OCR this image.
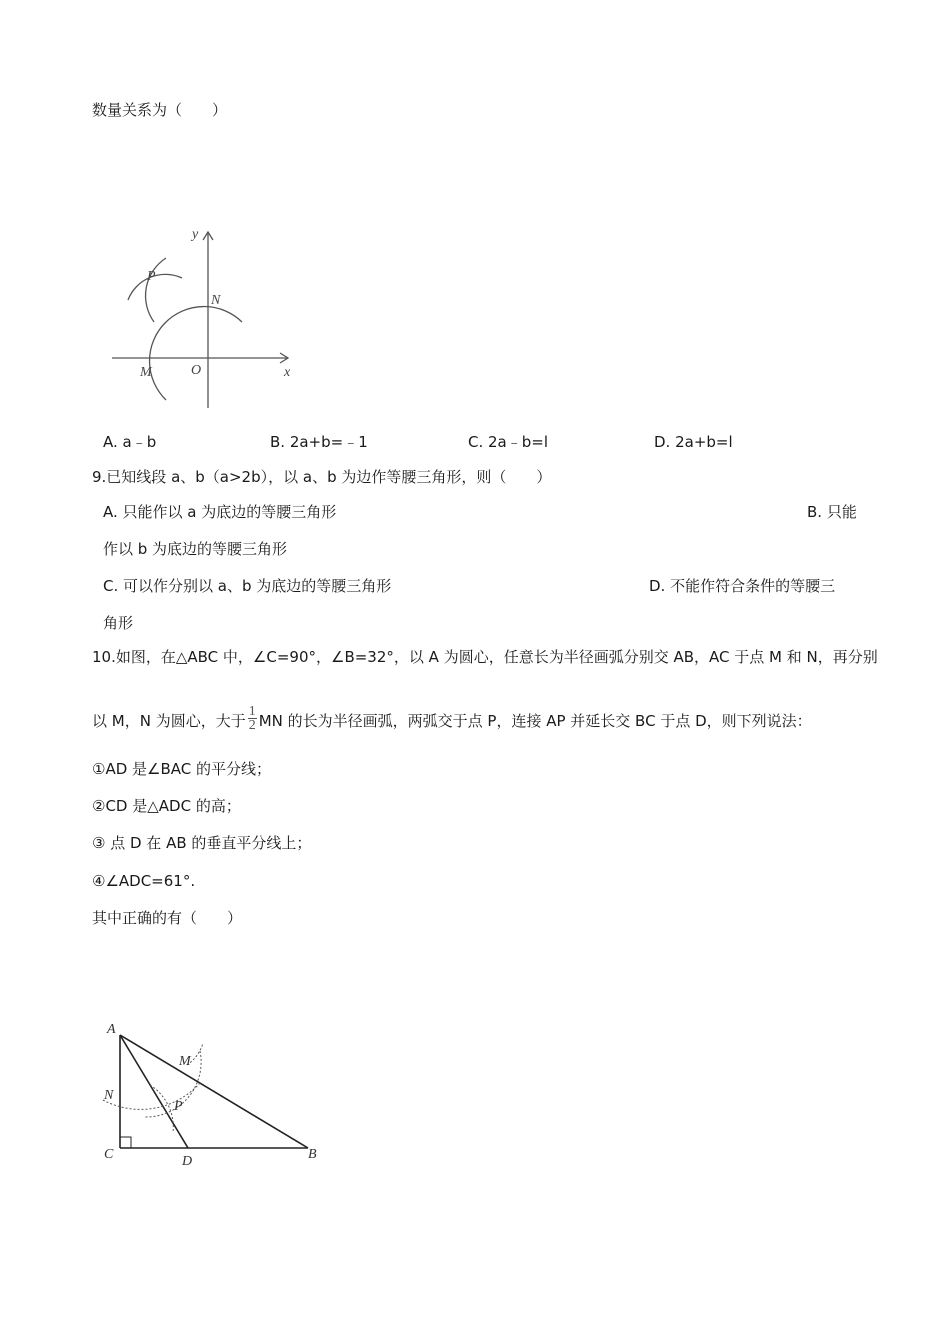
数量关系为（　　）
y
x
P
N
M	O
A. a﹣b	B. 2a+b=﹣1	C. 2a﹣b=l	D. 2a+b=l
9.已知线段 a、b（a>2b），以 a、b 为边作等腰三角形，则（　　）
A. 只能作以 a 为底边的等腰三角形	B. 只能
作以 b 为底边的等腰三角形
C. 可以作分别以 a、b 为底边的等腰三角形	D. 不能作符合条件的等腰三
角形
10.如图，在△ABC 中，∠C=90°，∠B=32°，以 A 为圆心，任意长为半径画弧分别交 AB，AC 于点 M 和 N，再分别
以 M，N 为圆心，大于 $\frac{1}{2}$ MN 的长为半径画弧，两弧交于点 P，连接 AP 并延长交 BC 于点 D，则下列说法：
①AD 是∠BAC 的平分线；
②CD 是△ADC 的高；
③ 点 D 在 AB 的垂直平分线上；
④∠ADC=61°.
其中正确的有（　　）
A
M
N
P
C	D	B
